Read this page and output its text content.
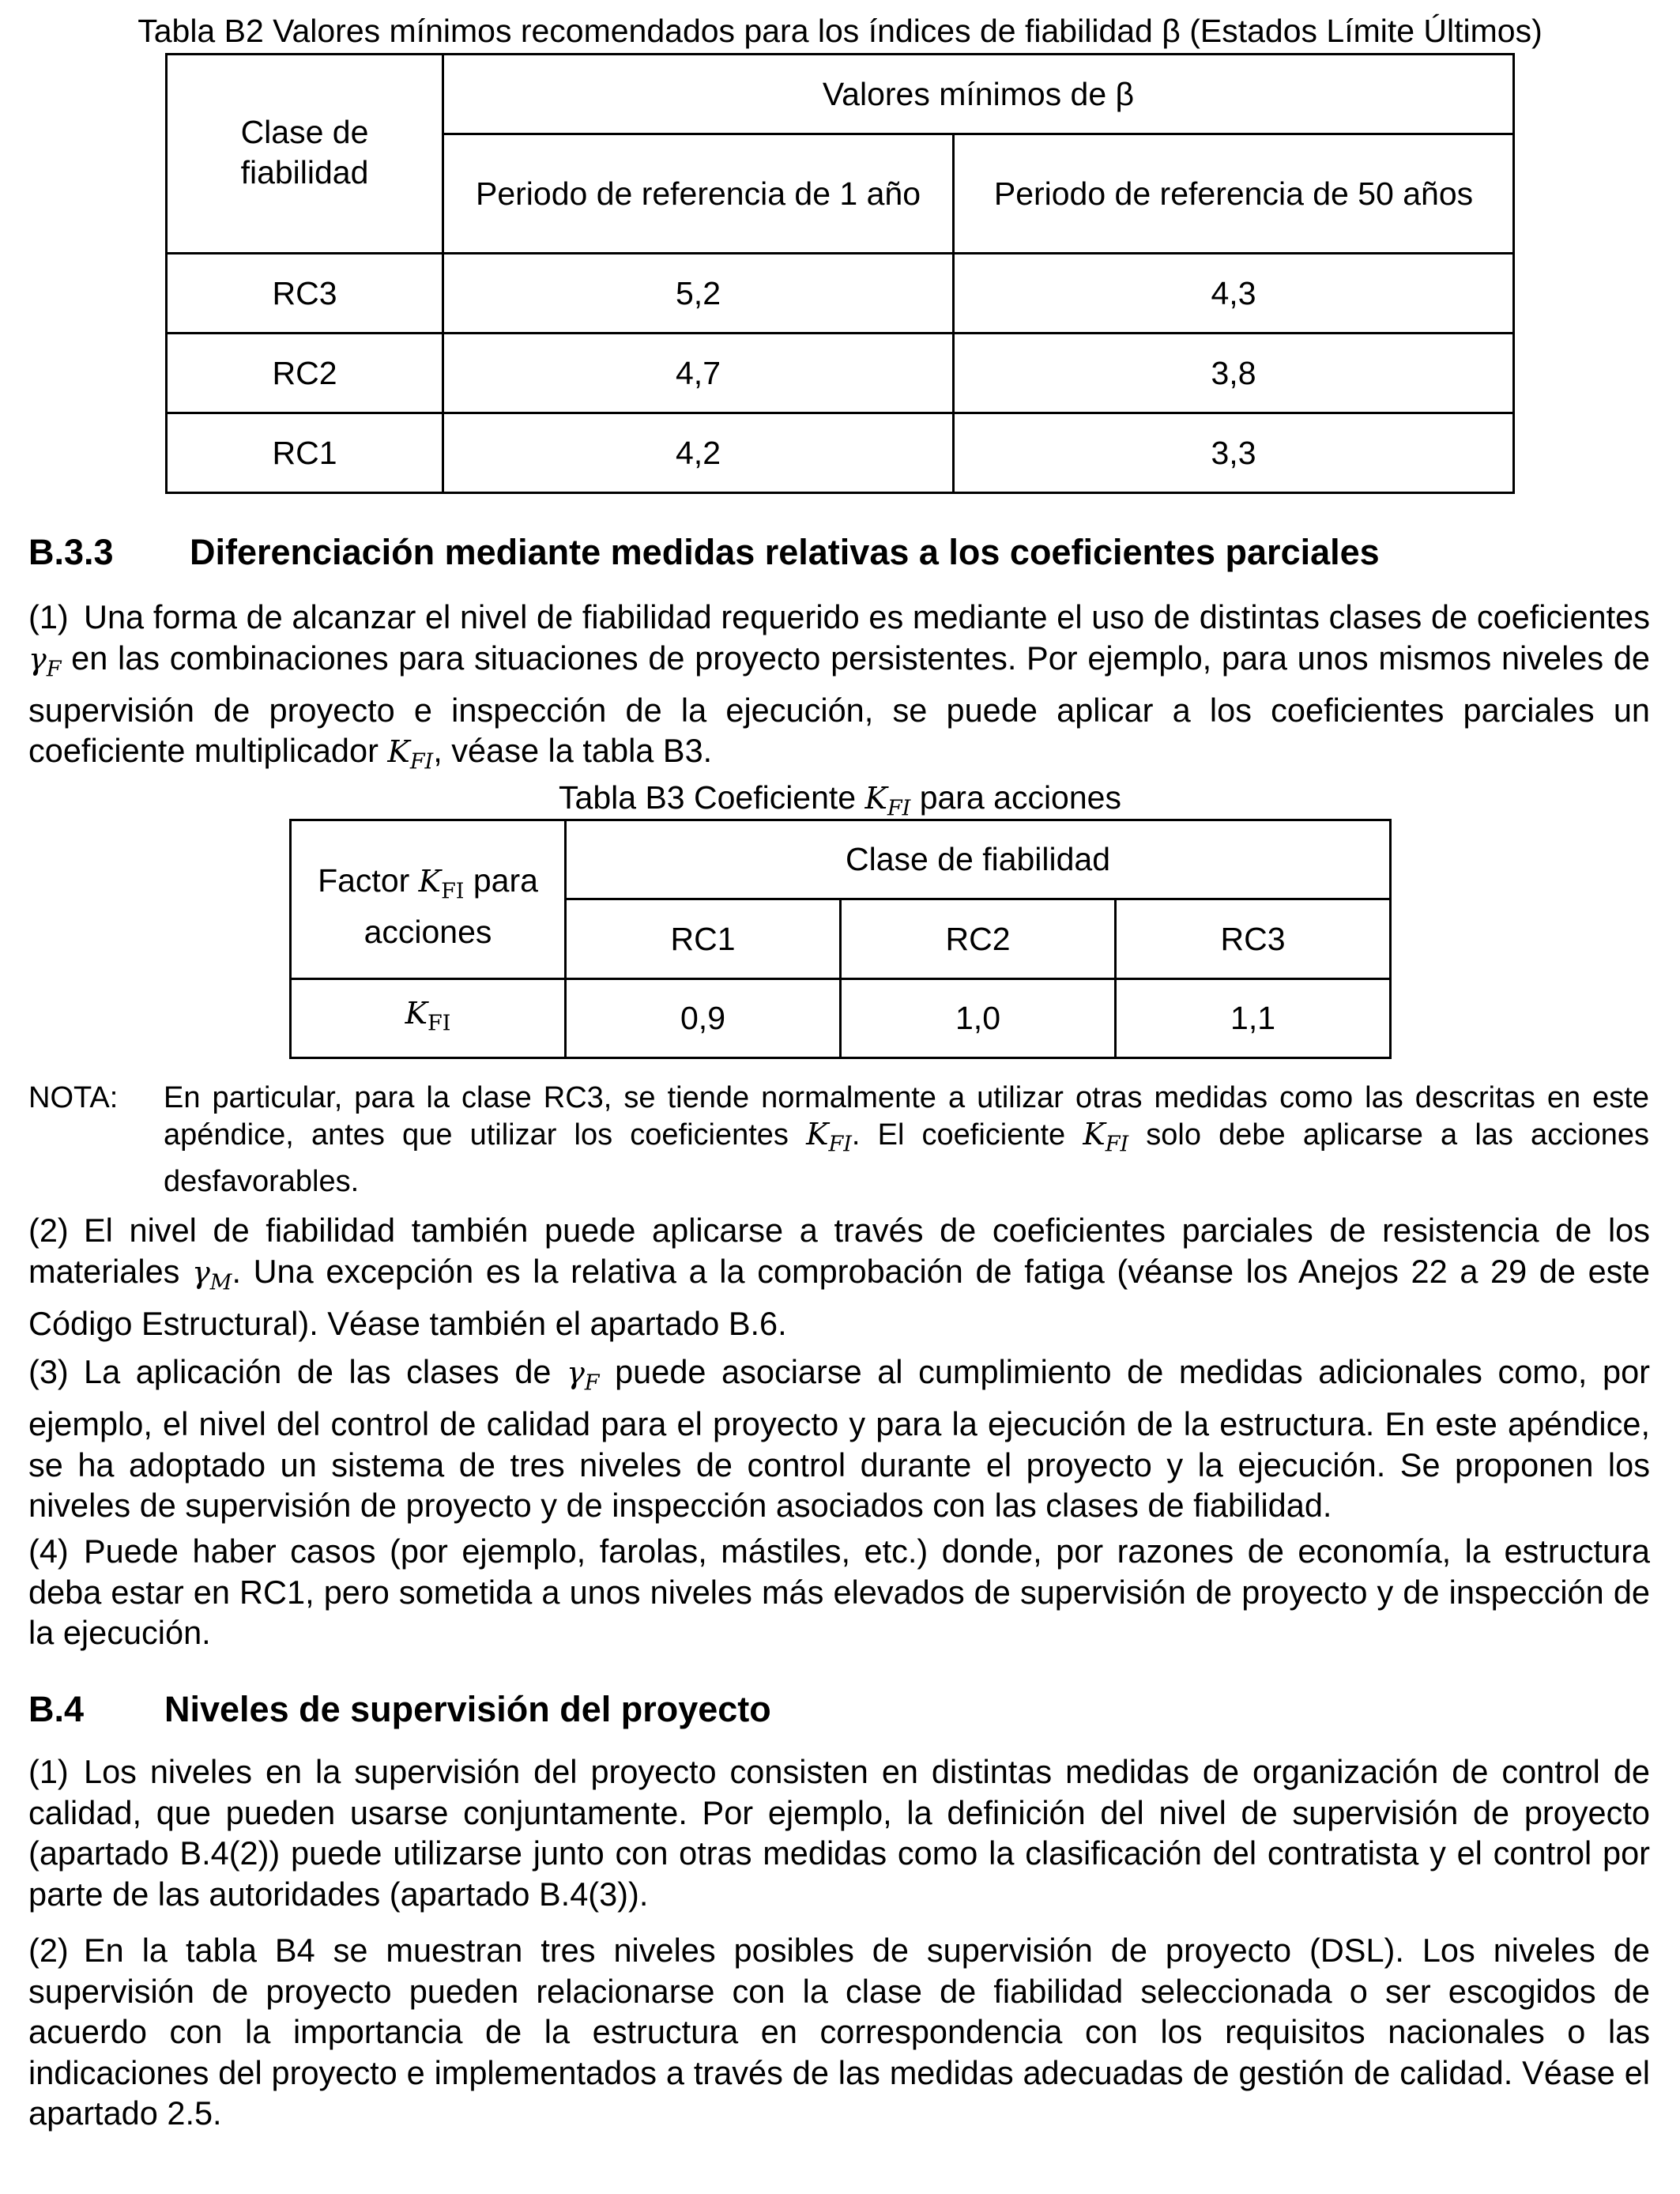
Tabla B2 Valores mínimos recomendados para los índices de fiabilidad β (Estados Límite Últimos)
Clase de fiabilidad	Valores mínimos de β	
	Periodo de referencia de 1 año	Periodo de referencia de 50 años
RC3	5,2	4,3
RC2	4,7	3,8
RC1	4,2	3,3
B.3.3 Diferenciación mediante medidas relativas a los coeficientes parciales

(1) Una forma de alcanzar el nivel de fiabilidad requerido es mediante el uso de distintas clases de coeficientes $\gamma_F$ en las combinaciones para situaciones de proyecto persistentes. Por ejemplo, para unos mismos niveles de supervisión de proyecto e inspección de la ejecución, se puede aplicar a los coeficientes parciales un coeficiente multiplicador $K_{FI}$, véase la tabla B3.

Tabla B3 Coeficiente $K_{FI}$ para acciones
Factor $K_{FI}$ para acciones	Clase de fiabilidad		
	RC1	RC2	RC3
$K_{FI}$	0,9	1,0	1,1
NOTA: En particular, para la clase RC3, se tiende normalmente a utilizar otras medidas como las descritas en este apéndice, antes que utilizar los coeficientes $K_{FI}$. El coeficiente $K_{FI}$ solo debe aplicarse a las acciones desfavorables.

(2) El nivel de fiabilidad también puede aplicarse a través de coeficientes parciales de resistencia de los materiales $\gamma_M$. Una excepción es la relativa a la comprobación de fatiga (véanse los Anejos 22 a 29 de este Código Estructural). Véase también el apartado B.6.

(3) La aplicación de las clases de $\gamma_F$ puede asociarse al cumplimiento de medidas adicionales como, por ejemplo, el nivel del control de calidad para el proyecto y para la ejecución de la estructura. En este apéndice, se ha adoptado un sistema de tres niveles de control durante el proyecto y la ejecución. Se proponen los niveles de supervisión de proyecto y de inspección asociados con las clases de fiabilidad.

(4) Puede haber casos (por ejemplo, farolas, mástiles, etc.) donde, por razones de economía, la estructura deba estar en RC1, pero sometida a unos niveles más elevados de supervisión de proyecto y de inspección de la ejecución.

B.4 Niveles de supervisión del proyecto

(1) Los niveles en la supervisión del proyecto consisten en distintas medidas de organización de control de calidad, que pueden usarse conjuntamente. Por ejemplo, la definición del nivel de supervisión de proyecto (apartado B.4(2)) puede utilizarse junto con otras medidas como la clasificación del contratista y el control por parte de las autoridades (apartado B.4(3)).

(2) En la tabla B4 se muestran tres niveles posibles de supervisión de proyecto (DSL). Los niveles de supervisión de proyecto pueden relacionarse con la clase de fiabilidad seleccionada o ser escogidos de acuerdo con la importancia de la estructura en correspondencia con los requisitos nacionales o las indicaciones del proyecto e implementados a través de las medidas adecuadas de gestión de calidad. Véase el apartado 2.5.
